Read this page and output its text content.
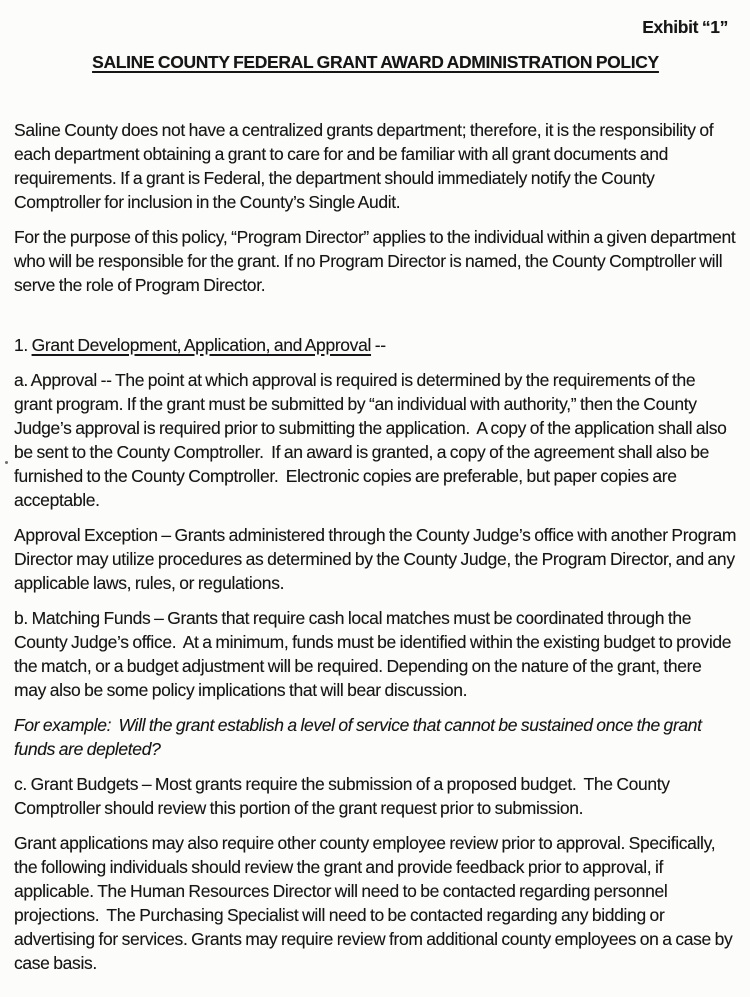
Exhibit “1”
SALINE COUNTY FEDERAL GRANT AWARD ADMINISTRATION POLICY

Saline County does not have a centralized grants department; therefore, it is the responsibility of each department obtaining a grant to care for and be familiar with all grant documents and requirements. If a grant is Federal, the department should immediately notify the County Comptroller for inclusion in the County’s Single Audit.

For the purpose of this policy, “Program Director” applies to the individual within a given department who will be responsible for the grant. If no Program Director is named, the County Comptroller will serve the role of Program Director.

1. Grant Development, Application, and Approval --

a. Approval -- The point at which approval is required is determined by the requirements of the grant program. If the grant must be submitted by “an individual with authority,” then the County Judge’s approval is required prior to submitting the application.  A copy of the application shall also be sent to the County Comptroller.  If an award is granted, a copy of the agreement shall also be furnished to the County Comptroller.  Electronic copies are preferable, but paper copies are acceptable.

Approval Exception – Grants administered through the County Judge’s office with another Program Director may utilize procedures as determined by the County Judge, the Program Director, and any applicable laws, rules, or regulations.

b. Matching Funds – Grants that require cash local matches must be coordinated through the County Judge’s office.  At a minimum, funds must be identified within the existing budget to provide the match, or a budget adjustment will be required. Depending on the nature of the grant, there may also be some policy implications that will bear discussion.

For example:  Will the grant establish a level of service that cannot be sustained once the grant funds are depleted?

c. Grant Budgets – Most grants require the submission of a proposed budget.  The County Comptroller should review this portion of the grant request prior to submission.

Grant applications may also require other county employee review prior to approval. Specifically, the following individuals should review the grant and provide feedback prior to approval, if applicable. The Human Resources Director will need to be contacted regarding personnel projections.  The Purchasing Specialist will need to be contacted regarding any bidding or advertising for services. Grants may require review from additional county employees on a case by case basis.
